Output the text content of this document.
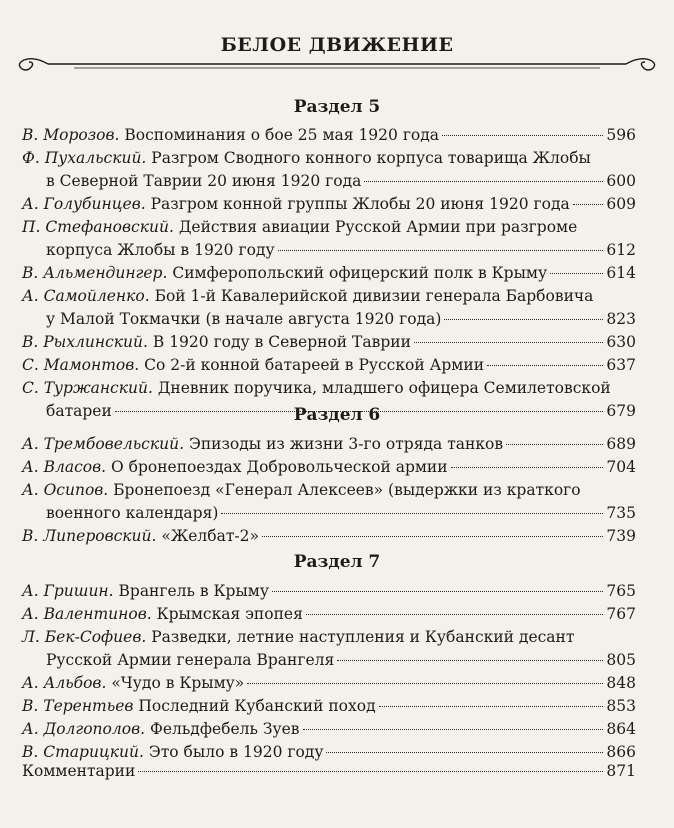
БЕЛОЕ ДВИЖЕНИЕ
Раздел 5
В. Морозов.
Воспоминания о бое 25 мая 1920 года	596
Ф. Пухальский.
Разгром Сводного конного корпуса товарища Жлобы
в Северной Таврии 20 июня 1920 года	600
А. Голубинцев.
Разгром конной группы Жлобы 20 июня 1920 года 609
П. Стефановский.
Действия авиации Русской Армии при разгроме
корпуса Жлобы в 1920 году	612
В. Альмендингер.
Симферопольский офицерский полк в Крыму	614
А. Самойленко.
Бой 1-й Кавалерийской дивизии генерала Барбовича
у Малой Токмачки (в начале августа 1920 года)	823
В. Рыхлинский.
В 1920 году в Северной Таврии	630
С. Мамонтов.
Со 2-й конной батареей в Русской Армии	637
С. Туржанский.
Дневник поручика, младшего офицера Семилетовской
батареи	679
Раздел 6
А. Трембовельский.
Эпизоды из жизни 3-го отряда танков	689
А. Власов.
О бронепоездах Добровольческой армии	704
А. Осипов.
Бронепоезд «Генерал Алексеев» (выдержки из краткого
военного календаря)	735
В. Липеровский.
«Желбат-2»	739
Раздел 7
А. Гришин.
Врангель в Крыму	765
А. Валентинов.
Крымская эпопея	767
Л. Бек-Софиев.
Разведки, летние наступления и Кубанский десант
Русской Армии генерала Врангеля	805
А. Альбов.
«Чудо в Крыму»	848
В. Терентьев
Последний Кубанский поход	853
А. Долгополов.
Фельдфебель Зуев	864
В. Старицкий.
Это было в 1920 году	866
Комментарии	871
